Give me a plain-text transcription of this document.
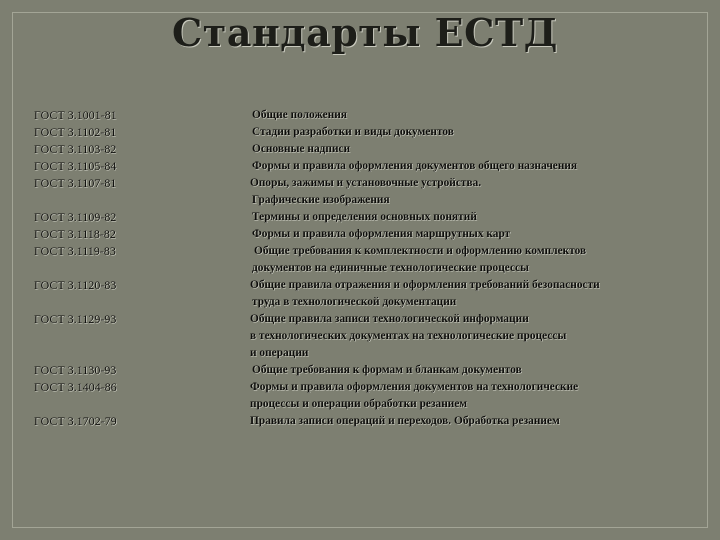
Стандарты ЕСТД
ГОСТ 3.1001-81
ГОСТ 3.1102-81
ГОСТ 3.1103-82
ГОСТ 3.1105-84
ГОСТ 3.1107-81
ГОСТ 3.1109-82
ГОСТ 3.1118-82
ГОСТ 3.1119-83
ГОСТ 3.1120-83
ГОСТ 3.1129-93
ГОСТ 3.1130-93
ГОСТ 3.1404-86
ГОСТ 3.1702-79
Общие положения
Стадии разработки и виды документов
Основные надписи
Формы и правила оформления документов общего назначения
Опоры, зажимы и установочные устройства.
Графические изображения
Термины и определения основных понятий
Формы и правила оформления маршрутных карт
Общие требования к комплектности и оформлению комплектов
документов на единичные технологические процессы
Общие правила отражения и оформления требований безопасности
труда в технологической документации
Общие правила записи технологической информации
в технологических документах на технологические процессы
и операции
Общие требования к формам и бланкам документов
Формы и правила оформления документов на технологические
процессы и операции обработки резанием
Правила записи операций и переходов. Обработка резанием
